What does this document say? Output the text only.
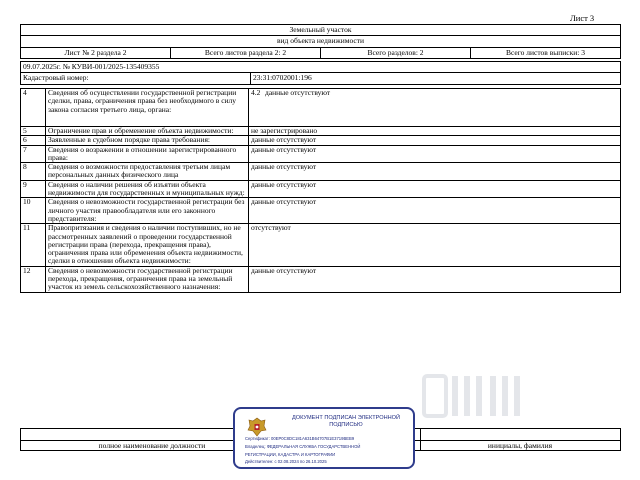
Лист 3
Земельный участок
вид объекта недвижимости
Лист № 2 раздела 2	Всего листов раздела 2: 2	Всего разделов: 2	Всего листов выписки: 3
09.07.2025г. № КУВИ-001/2025-135409355
Кадастровый номер:	23:31:0702001:196
4	Сведения об осуществлении государственной регистрации сделки, права, ограничения права без необходимого в силу закона согласия третьего лица, органа:	4.2	данные отсутствуют
5	Ограничение прав и обременение объекта недвижимости:	не зарегистрировано	
6	Заявленные в судебном порядке права требования:	данные отсутствуют	
7	Сведения о возражении в отношении зарегистрированного права:	данные отсутствуют	
8	Сведения о возможности предоставления третьим лицам персональных данных физического лица	данные отсутствуют	
9	Сведения о наличии решения об изъятии объекта недвижимости для государственных и муниципальных нужд:	данные отсутствуют	
10	Сведения о невозможности государственной регистрации без личного участия правообладателя или его законного представителя:	данные отсутствуют	
11	Правопритязания и сведения о наличии поступивших, но не рассмотренных заявлений о проведении государственной регистрации права (перехода, прекращения права), ограничения права или обременения объекта недвижимости, сделки в отношении объекта недвижимости:	отсутствуют	
12	Сведения о невозможности государственной регистрации перехода, прекращения, ограничения права на земельный участок из земель сельскохозяйственного назначения:	данные отсутствуют	
полное наименование должности	инициалы, фамилия
ДОКУМЕНТ ПОДПИСАН ЭЛЕКТРОННОЙ ПОДПИСЬЮ
Сертификат: 00ЕР0С8DC181A631B64707B1E3719BEB9
Владелец: ФЕДЕРАЛЬНАЯ СЛУЖБА ГОСУДАРСТВЕННОЙ
РЕГИСТРАЦИИ, КАДАСТРА И КАРТОГРАФИИ
Действителен: с 02.08.2024 по 26.10.2025
